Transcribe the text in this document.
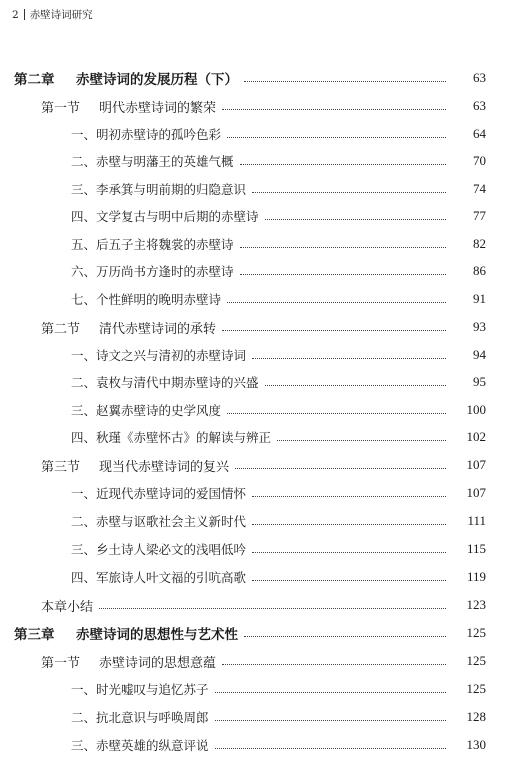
2 赤壁诗词研究
第二章 赤壁诗词的发展历程（下）	63
第一节 明代赤壁诗词的繁荣	63
一、明初赤壁诗的孤吟色彩	64
二、赤壁与明藩王的英雄气概	70
三、李承箕与明前期的归隐意识	74
四、文学复古与明中后期的赤壁诗	77
五、后五子主将魏裳的赤壁诗	82
六、万历尚书方逢时的赤壁诗	86
七、个性鲜明的晚明赤壁诗	91
第二节 清代赤壁诗词的承转	93
一、诗文之兴与清初的赤壁诗词	94
二、袁枚与清代中期赤壁诗的兴盛	95
三、赵翼赤壁诗的史学风度	100
四、秋瑾《赤壁怀古》的解读与辨正	102
第三节 现当代赤壁诗词的复兴	107
一、近现代赤壁诗词的爱国情怀	107
二、赤壁与讴歌社会主义新时代	111
三、乡土诗人梁必文的浅唱低吟	115
四、军旅诗人叶文福的引吭高歌	119
本章小结	123
第三章 赤壁诗词的思想性与艺术性	125
第一节 赤壁诗词的思想意蕴	125
一、时光嘘叹与追忆苏子	125
二、抗北意识与呼唤周郎	128
三、赤壁英雄的纵意评说	130
